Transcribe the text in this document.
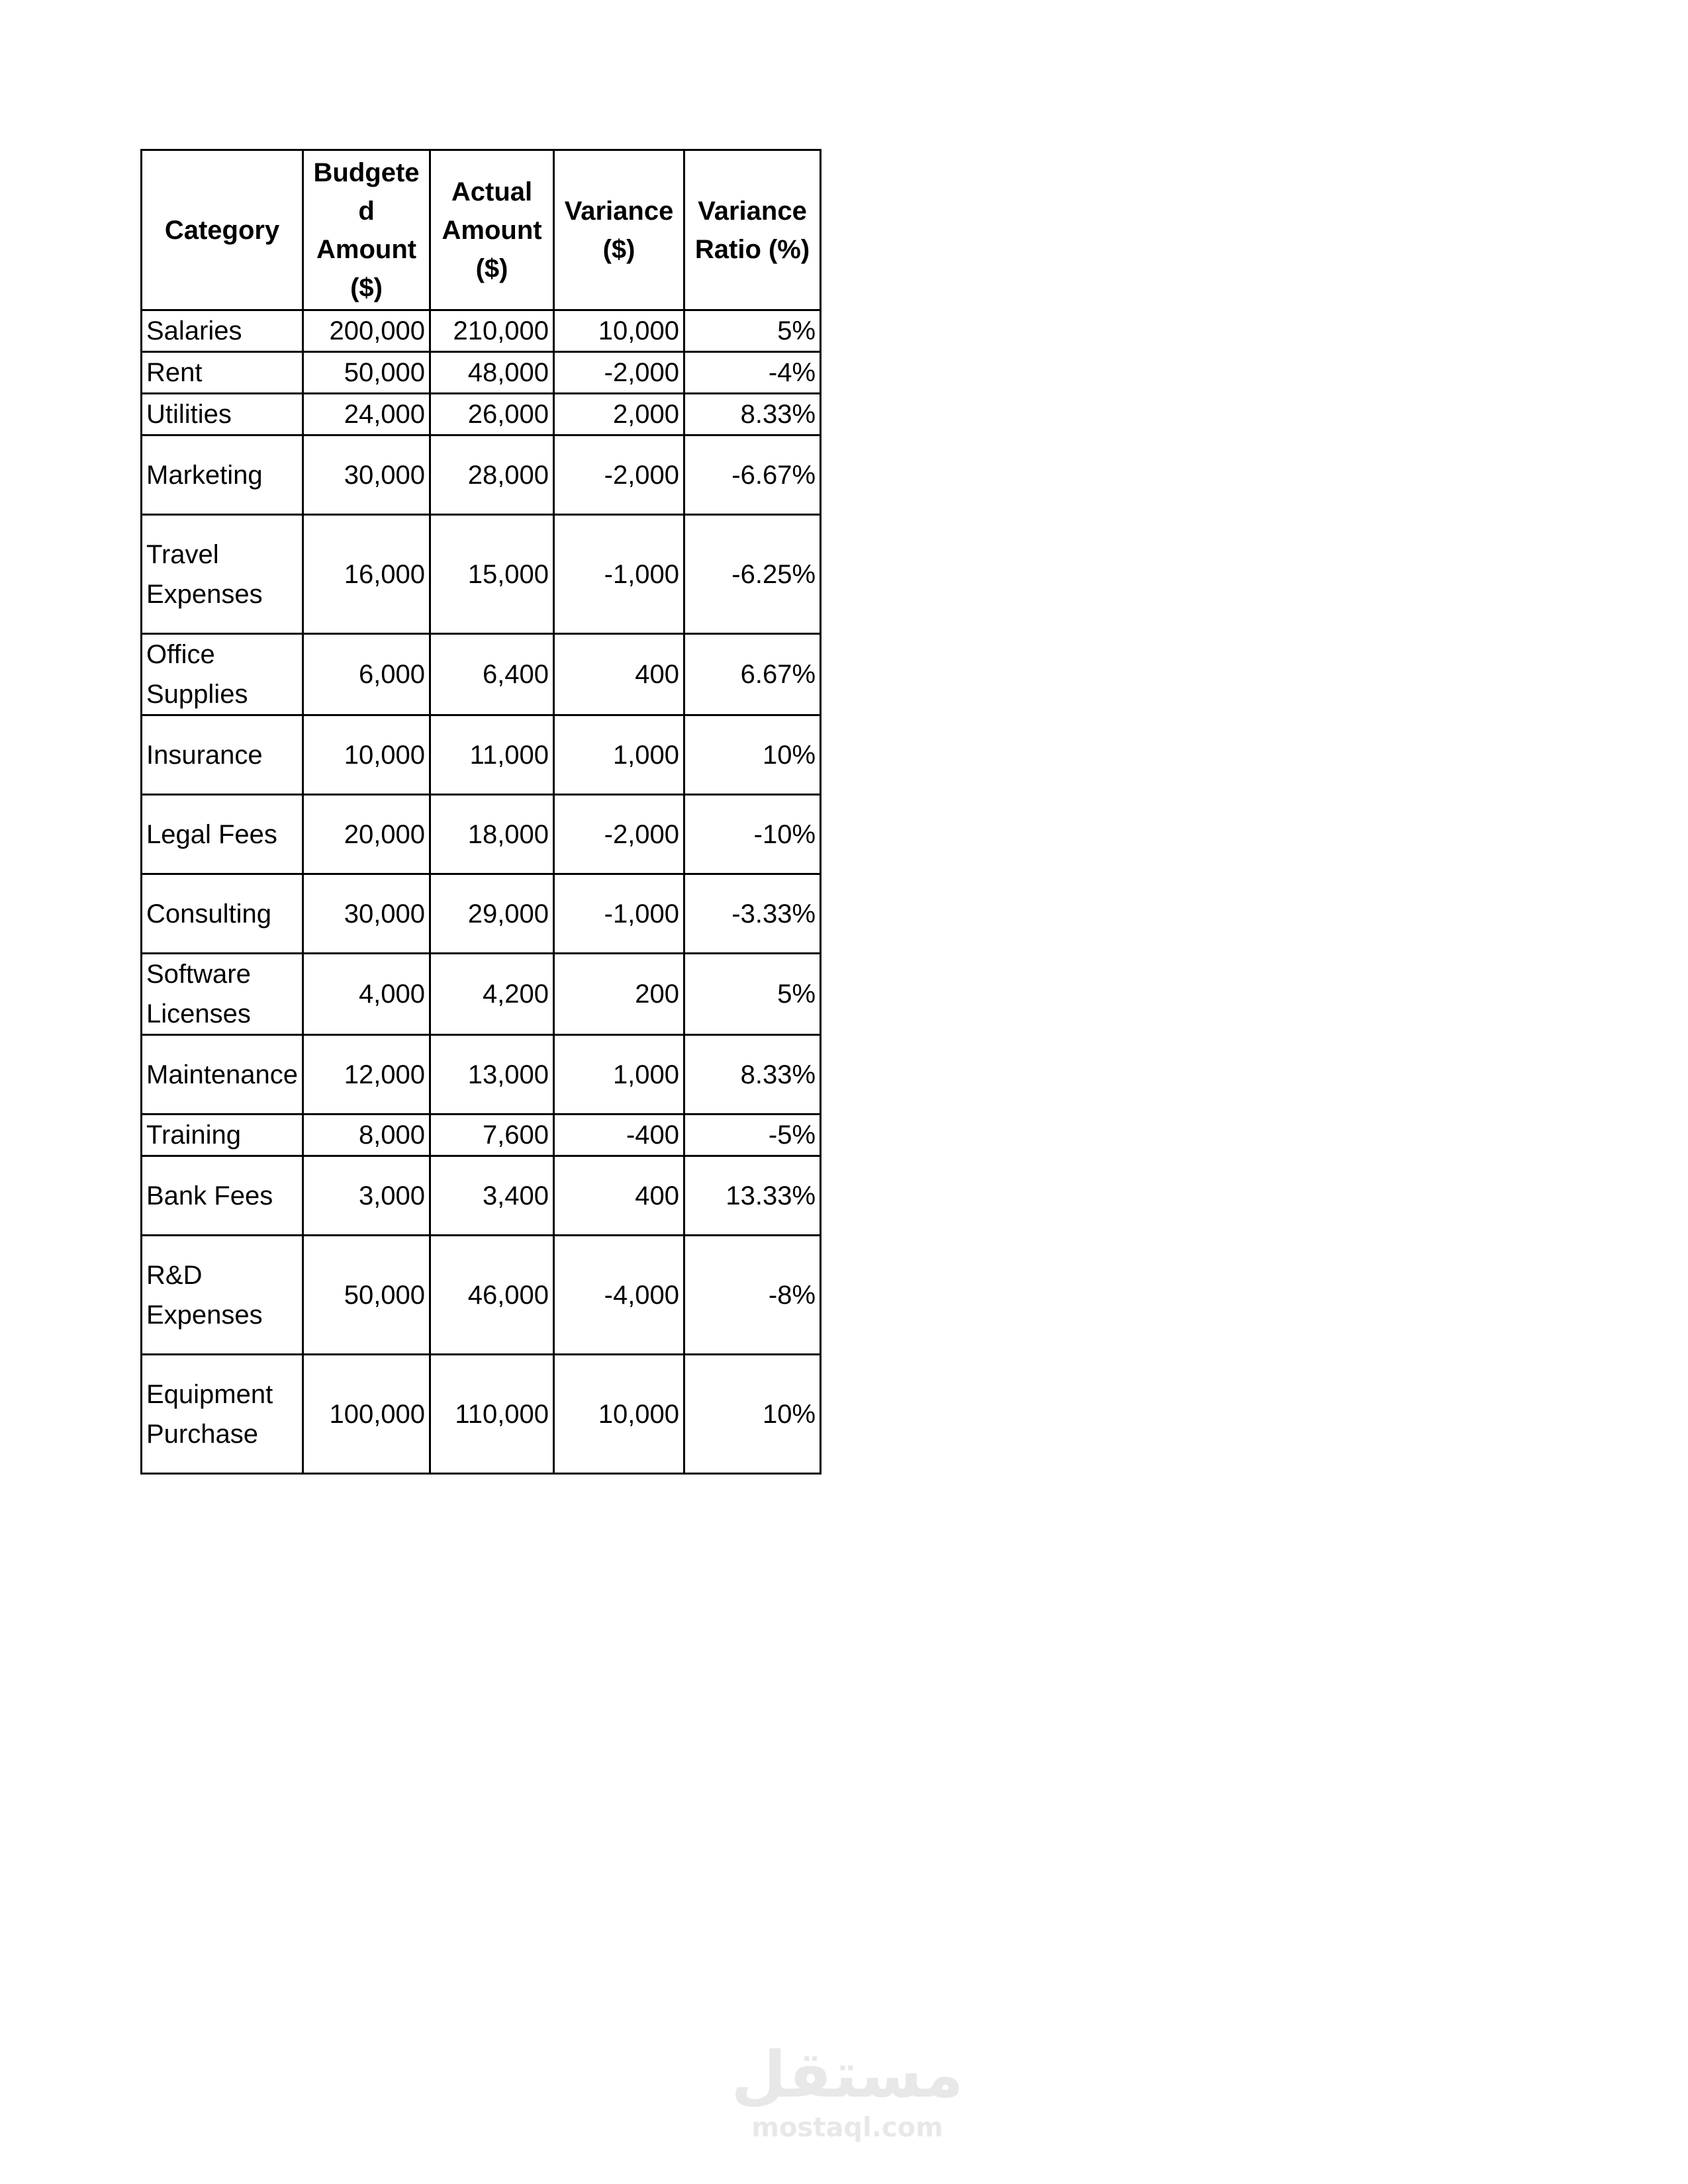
Category	Budgete d Amount ($)	Actual Amount ($)	Variance ($)	Variance Ratio (%)
Salaries	200,000	210,000	10,000	5%
Rent	50,000	48,000	-2,000	-4%
Utilities	24,000	26,000	2,000	8.33%
Marketing	30,000	28,000	-2,000	-6.67%
Travel Expenses	16,000	15,000	-1,000	-6.25%
Office Supplies	6,000	6,400	400	6.67%
Insurance	10,000	11,000	1,000	10%
Legal Fees	20,000	18,000	-2,000	-10%
Consulting	30,000	29,000	-1,000	-3.33%
Software Licenses	4,000	4,200	200	5%
Maintenance	12,000	13,000	1,000	8.33%
Training	8,000	7,600	-400	-5%
Bank Fees	3,000	3,400	400	13.33%
R&D Expenses	50,000	46,000	-4,000	-8%
Equipment Purchase	100,000	110,000	10,000	10%
مستقل
mostaql.com
